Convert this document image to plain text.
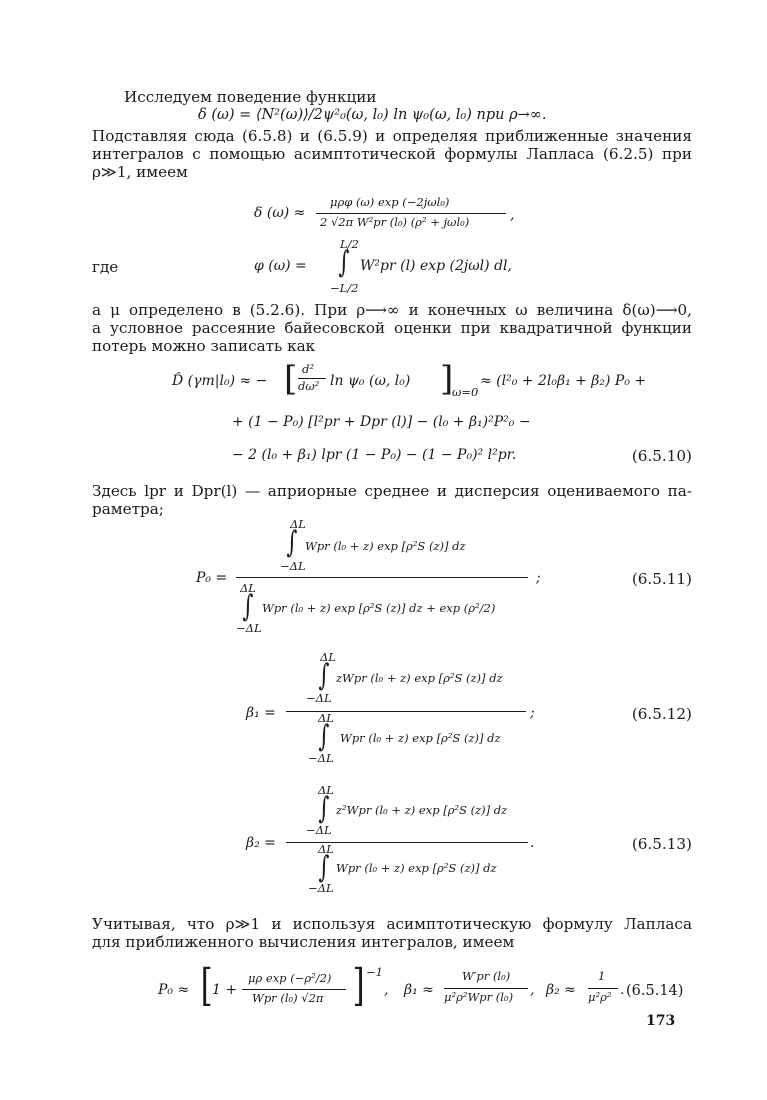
Исследуем поведение функции
δ (ω) = ⟨N²(ω)⟩/2ψ²₀(ω, l₀) ln ψ₀(ω, l₀) при ρ→∞.
Подставляя сюда (6.5.8) и (6.5.9) и определяя приближенные значения
интегралов с помощью асимптотической формулы Лапласа (6.2.5) при
ρ≫1, имеем
δ (ω) ≈
μρφ (ω) exp (−2jωl₀)
2 √2π W²pr (l₀) (ρ² + jωl₀)	,
где	φ (ω) =
L/2
∫
−L/2
W²pr (l) exp (2jωl) dl,
а μ определено в (5.2.6). При ρ⟶∞ и конечных ω величина δ(ω)⟶0,
а условное рассеяние байесовской оценки при квадратичной функции
потерь можно записать как
D̂ (γm|l₀) ≈ − [ d²
dω² ln ψ₀ (ω, l₀) ]
ω=0
≈ (l²₀ + 2l₀β₁ + β₂) P₀ +
+ (1 − P₀) [l²pr + Dpr (l)] − (l₀ + β₁)²P²₀ −
− 2 (l₀ + β₁) lpr (1 − P₀) − (1 − P₀)² l²pr.	(6.5.10)
Здесь lpr и Dpr(l) — априорные среднее и дисперсия оцениваемого па-
раметра;
P₀ =
ΔL
∫
−ΔL
Wpr (l₀ + z) exp [ρ²S (z)] dz
ΔL
∫
−ΔL
Wpr (l₀ + z) exp [ρ²S (z)] dz + exp (ρ²/2)
;	(6.5.11)
β₁ =
ΔL
∫
−ΔL
zWpr (l₀ + z) exp [ρ²S (z)] dz
ΔL
∫
−ΔL
Wpr (l₀ + z) exp [ρ²S (z)] dz
;	(6.5.12)
β₂ =
ΔL
∫
−ΔL
z²Wpr (l₀ + z) exp [ρ²S (z)] dz
ΔL
∫
−ΔL
Wpr (l₀ + z) exp [ρ²S (z)] dz
.	(6.5.13)
Учитывая, что ρ≫1 и используя асимптотическую формулу Лапласа
для приближенного вычисления интегралов, имеем
P₀ ≈ [ 1 +
μρ exp (−ρ²/2)
Wpr (l₀) √2π ] −1
, β₁ ≈
W′pr (l₀)
μ²ρ²Wpr (l₀) , β₂ ≈
1
μ²ρ² . (6.5.14)
173
